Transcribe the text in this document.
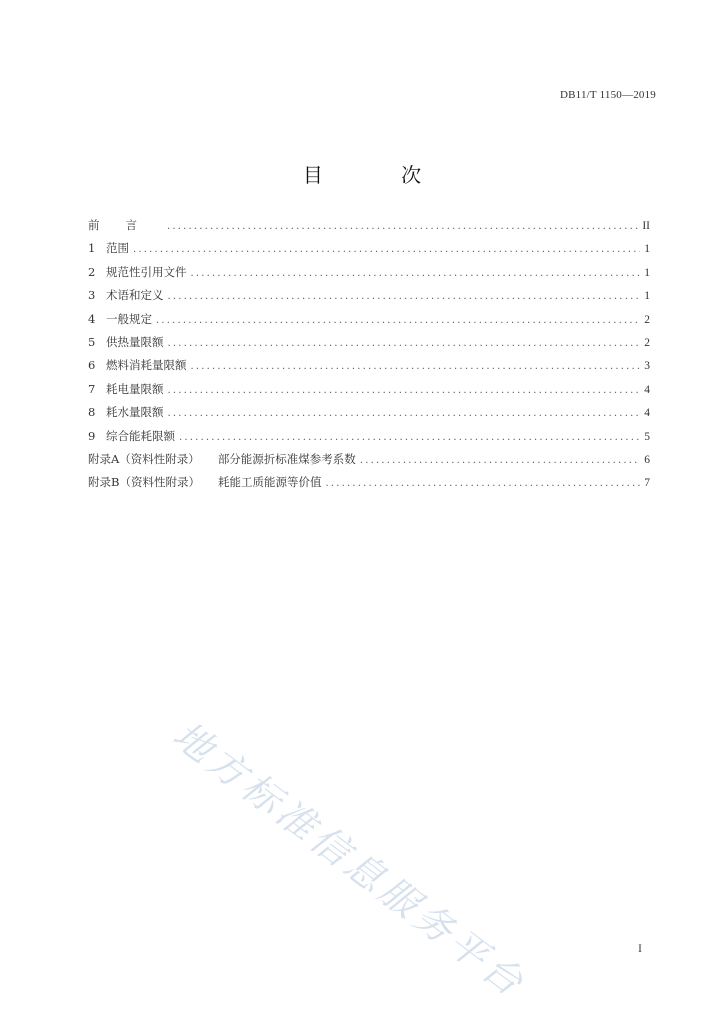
DB11/T 1150—2019
目 次
前言 .....	II
1 范围 .....	1
2 规范性引用文件 .....	1
3 术语和定义 .....	1
4 一般规定 .....	2
5 供热量限额 .....	2
6 燃料消耗量限额 .....	3
7 耗电量限额 .....	4
8 耗水量限额 .....	4
9 综合能耗限额 .....	5
附录A（资料性附录） 部分能源折标准煤参考系数 .....	6
附录B（资料性附录） 耗能工质能源等价值 .....	7
地方标准信息服务平台	I
